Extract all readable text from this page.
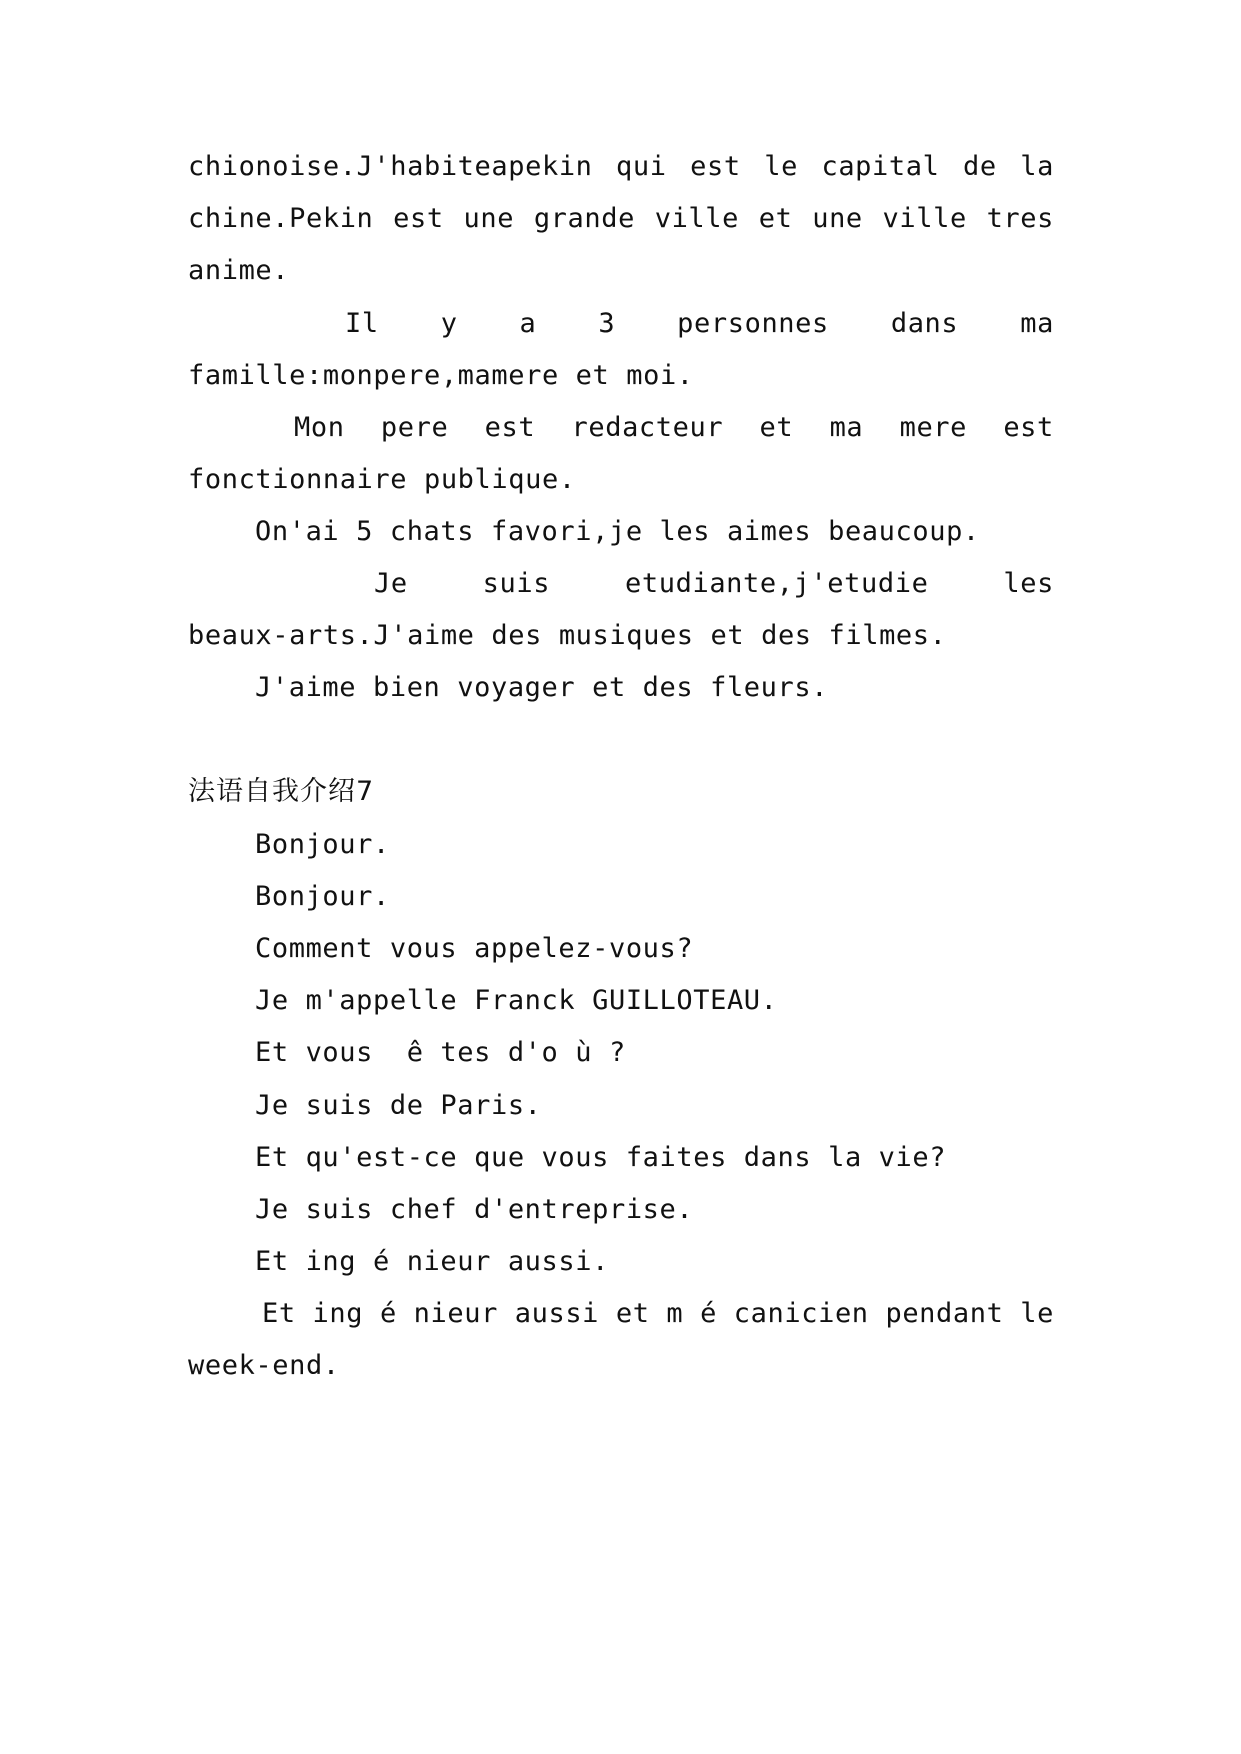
chionoise.J'habiteapekin qui est le capital de la
chine.Pekin est une grande ville et une ville tres
anime.
Il y a 3 personnes dans ma
famille:monpere,mamere et moi.
Mon pere est redacteur et ma mere est
fonctionnaire publique.
On'ai 5 chats favori,je les aimes beaucoup.
Je	suis	etudiante,j'etudie	les
beaux-arts.J'aime des musiques et des filmes.
J'aime bien voyager et des fleurs.
法语自我介绍7
Bonjour.
Bonjour.
Comment vous appelez-vous?
Je m'appelle Franck GUILLOTEAU.
Et vous  ê tes d'o ù ?
Je suis de Paris.
Et qu'est-ce que vous faites dans la vie?
Je suis chef d'entreprise.
Et ing é nieur aussi.
Et ing é nieur aussi et m é canicien pendant le
week-end.
